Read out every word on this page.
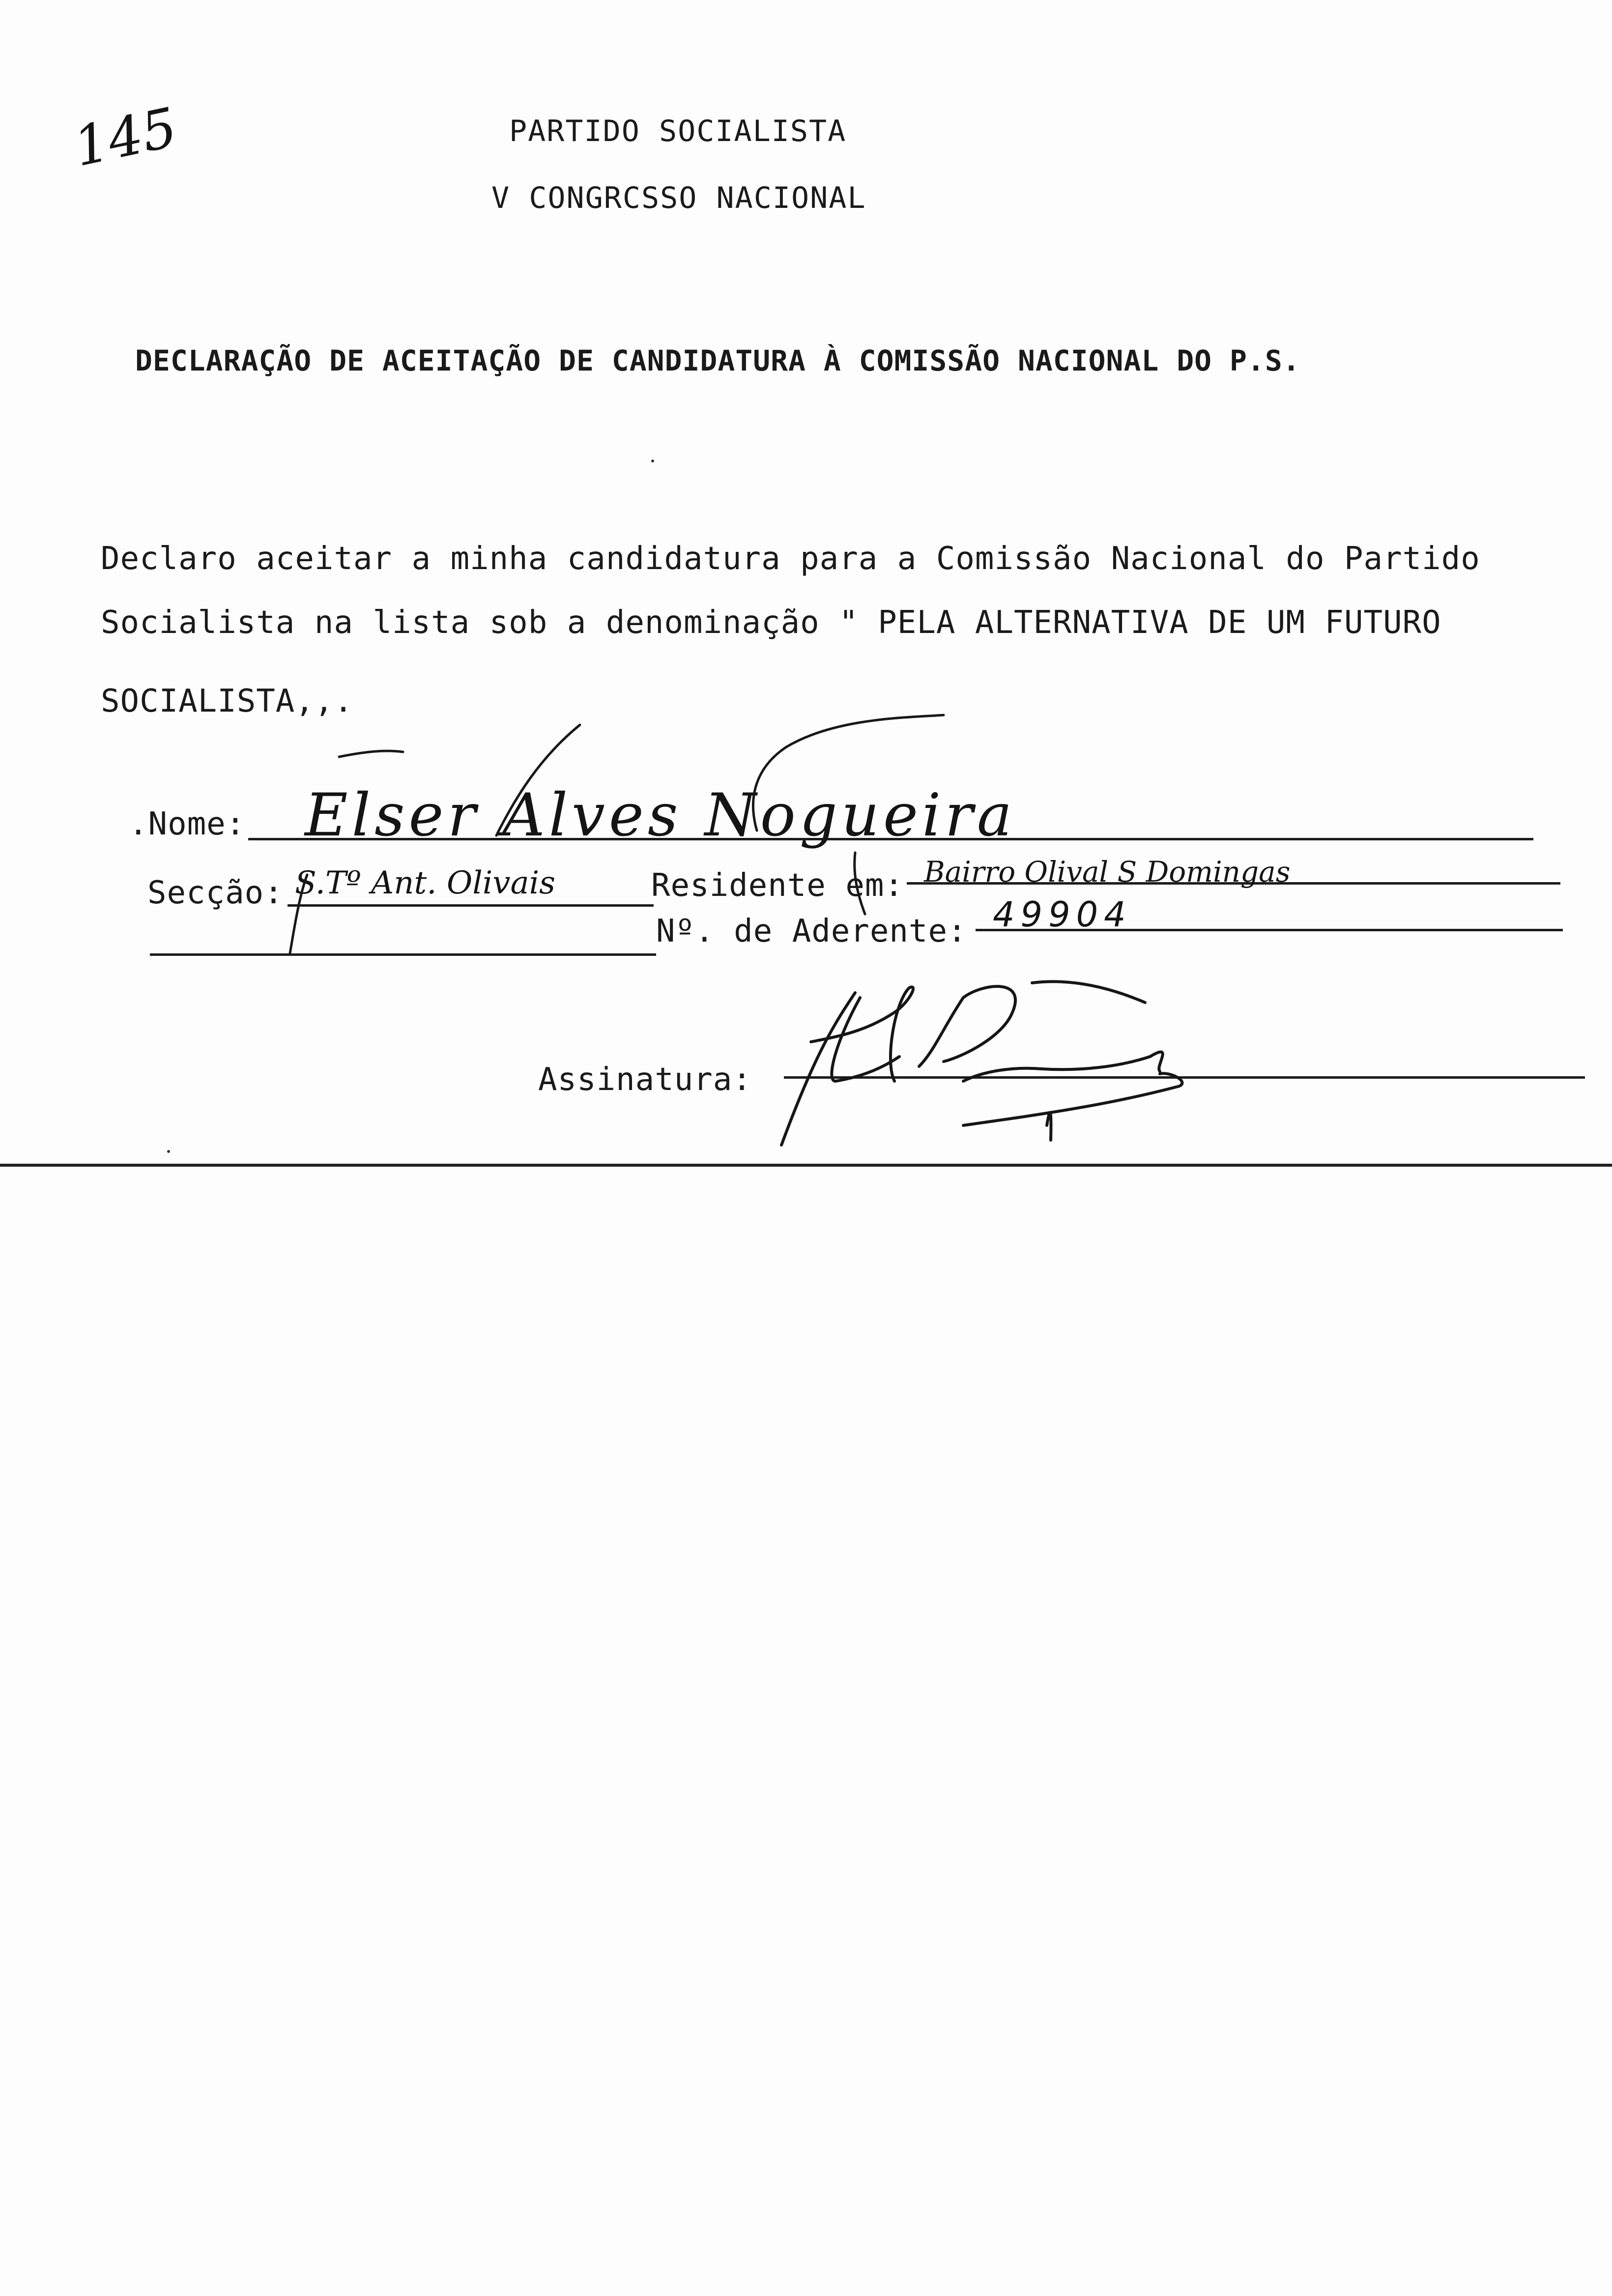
145	PARTIDO SOCIALISTA
V CONGRCSSO NACIONAL
DECLARAÇÃO DE ACEITAÇÃO DE CANDIDATURA À COMISSÃO NACIONAL DO P.S.
Declaro aceitar a minha candidatura para a Comissão Nacional do Partido
Socialista na lista sob a denominação " PELA ALTERNATIVA DE UM FUTURO
SOCIALISTA,,.
.Nome: Elser Alves Nogueira
Secção: S.Tº Ant. Olivais	Residente em: Bairro Olival S Domingas
Nº. de Aderente: 49904
Assinatura:
